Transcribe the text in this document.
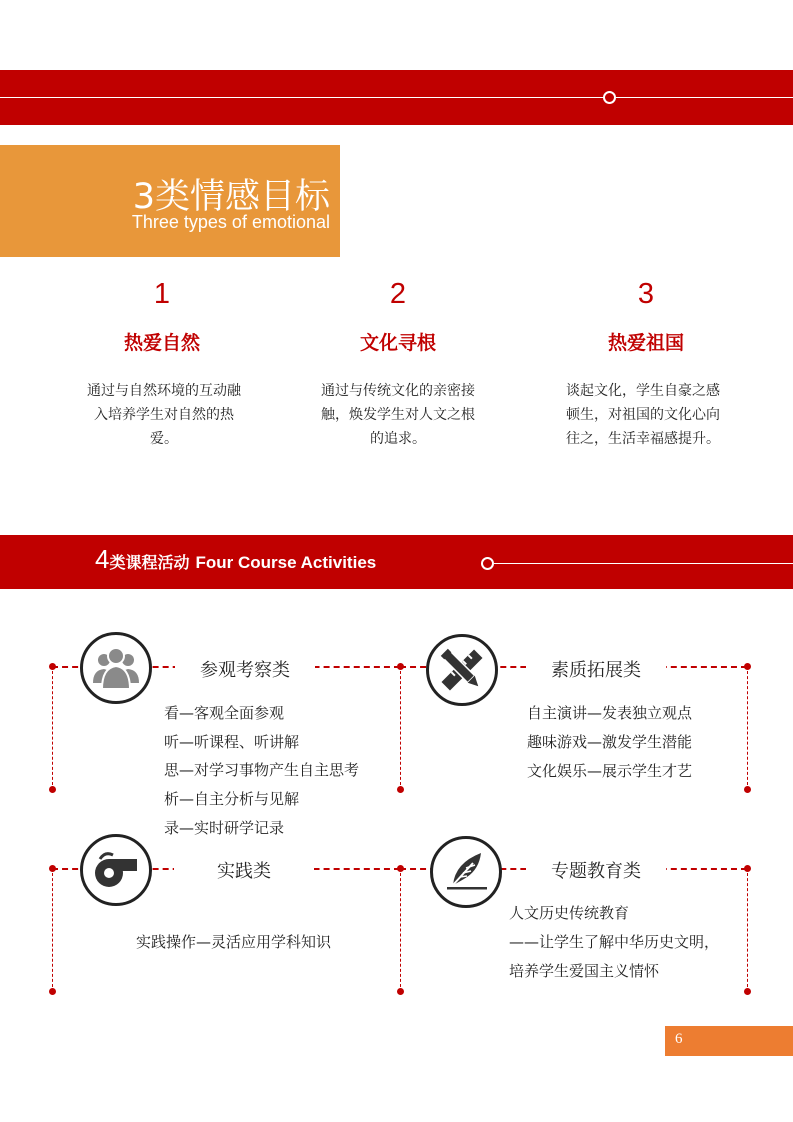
3类情感目标
Three types of emotional
1
热爱自然
通过与自然环境的互动融入培养学生对自然的热爱。
2
文化寻根
通过与传统文化的亲密接触，焕发学生对人文之根的追求。
3
热爱祖国
谈起文化，学生自豪之感顿生，对祖国的文化心向往之，生活幸福感提升。
4类课程活动 Four Course Activities
参观考察类	素质拓展类
实践类	专题教育类
看—客观全面参观
听—听课程、听讲解
思—对学习事物产生自主思考
析—自主分析与见解
录—实时研学记录
自主演讲—发表独立观点
趣味游戏—激发学生潜能
文化娱乐—展示学生才艺
实践操作—灵活应用学科知识
人文历史传统教育
——让学生了解中华历史文明，
培养学生爱国主义情怀
6
